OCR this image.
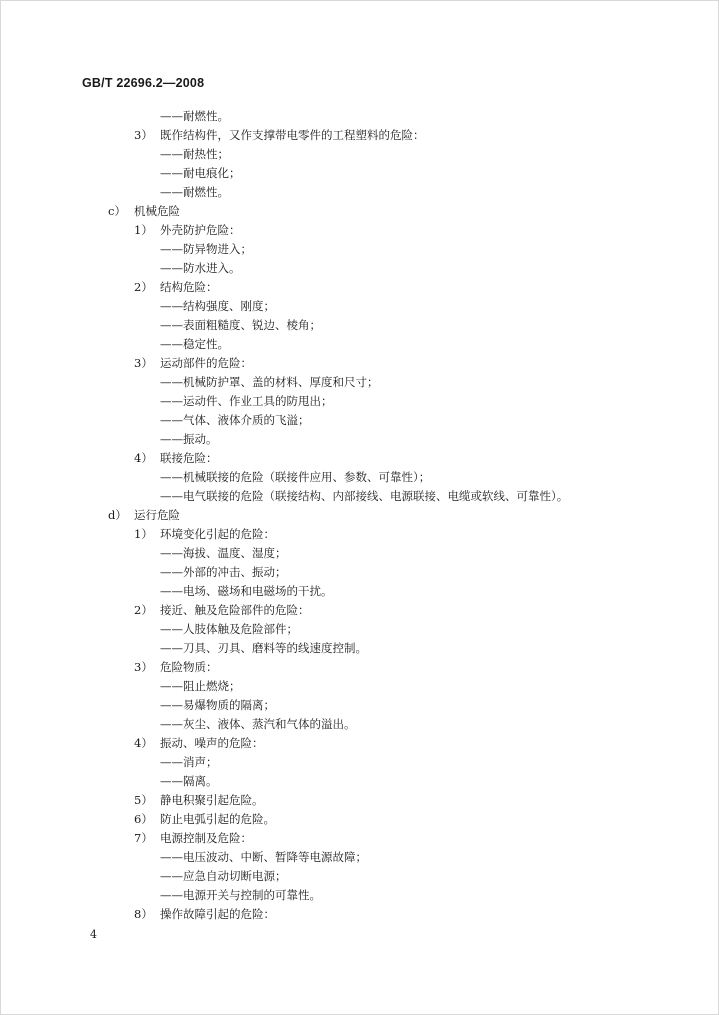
GB/T 22696.2—2008
——耐燃性。
3） 既作结构件，又作支撑带电零件的工程塑料的危险：
——耐热性；
——耐电痕化；
——耐燃性。
c） 机械危险
1） 外壳防护危险：
——防异物进入；
——防水进入。
2） 结构危险：
——结构强度、刚度；
——表面粗糙度、锐边、棱角；
——稳定性。
3） 运动部件的危险：
——机械防护罩、盖的材料、厚度和尺寸；
——运动件、作业工具的防甩出；
——气体、液体介质的飞溢；
——振动。
4） 联接危险：
——机械联接的危险（联接件应用、参数、可靠性）；
——电气联接的危险（联接结构、内部接线、电源联接、电缆或软线、可靠性）。
d） 运行危险
1） 环境变化引起的危险：
——海拔、温度、湿度；
——外部的冲击、振动；
——电场、磁场和电磁场的干扰。
2） 接近、触及危险部件的危险：
——人肢体触及危险部件；
——刀具、刃具、磨料等的线速度控制。
3） 危险物质：
——阻止燃烧；
——易爆物质的隔离；
——灰尘、液体、蒸汽和气体的溢出。
4） 振动、噪声的危险：
——消声；
——隔离。
5） 静电积聚引起危险。
6） 防止电弧引起的危险。
7） 电源控制及危险：
——电压波动、中断、暂降等电源故障；
——应急自动切断电源；
——电源开关与控制的可靠性。
8） 操作故障引起的危险：
4
